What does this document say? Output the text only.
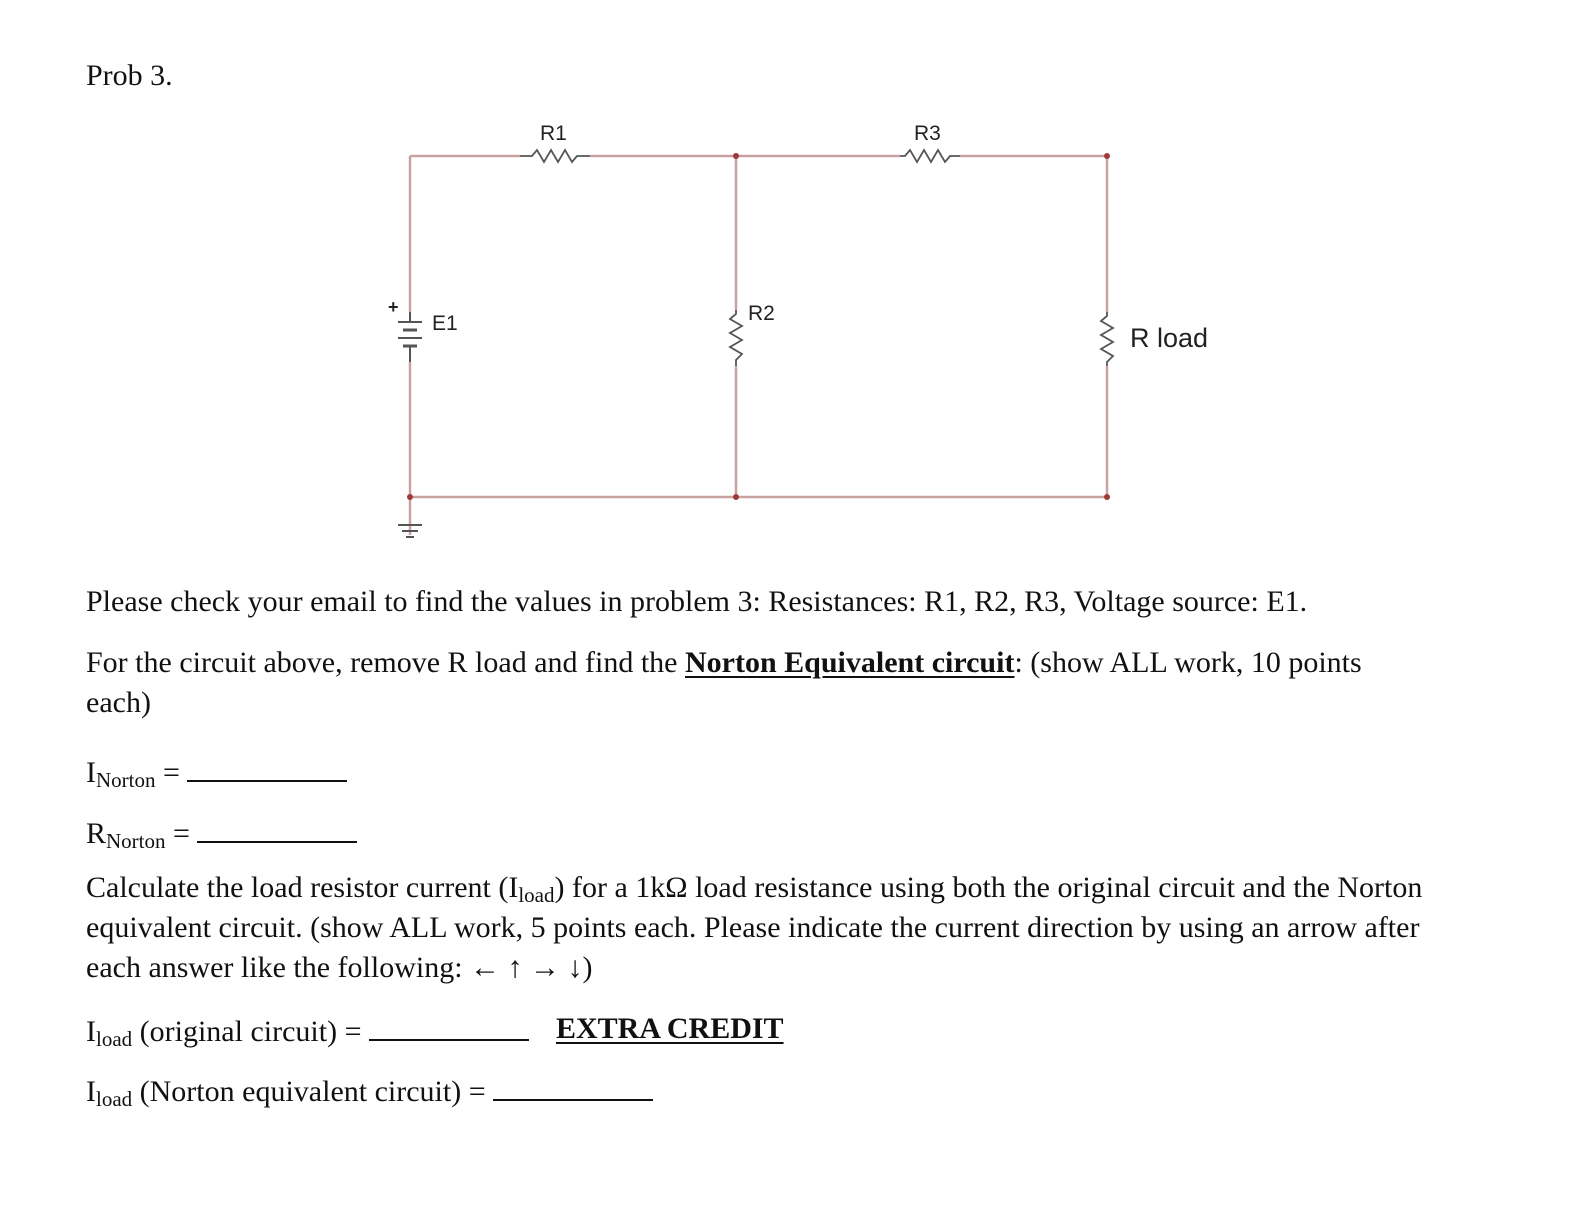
Prob 3.
R1	R3
R2
E1
+
R load
Please check your email to find the values in problem 3: Resistances: R1, R2, R3, Voltage source: E1.
For the circuit above, remove R load and find the Norton Equivalent circuit: (show ALL work, 10 points
each)
INorton =
RNorton =
Calculate the load resistor current (Iload) for a 1kΩ load resistance using both the original circuit and the Norton
equivalent circuit. (show ALL work, 5 points each. Please indicate the current direction by using an arrow after
each answer like the following: ← ↑ → ↓)
Iload (original circuit) =	EXTRA CREDIT
Iload (Norton equivalent circuit) =
